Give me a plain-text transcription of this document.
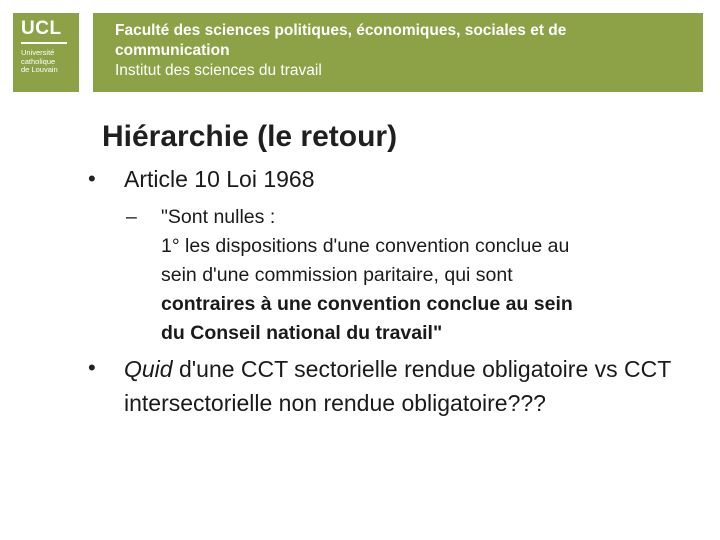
UCL
Université
catholique
de Louvain
Faculté des sciences politiques, économiques, sociales et de communication
Institut des sciences du travail
Hiérarchie (le retour)
•	Article 10 Loi 1968
–	"Sont nulles :
1° les dispositions d'une convention conclue au
sein d'une commission paritaire, qui sont
contraires à une convention conclue au sein
du Conseil national du travail"
•	Quid d'une CCT sectorielle rendue obligatoire vs CCT intersectorielle non rendue obligatoire???
